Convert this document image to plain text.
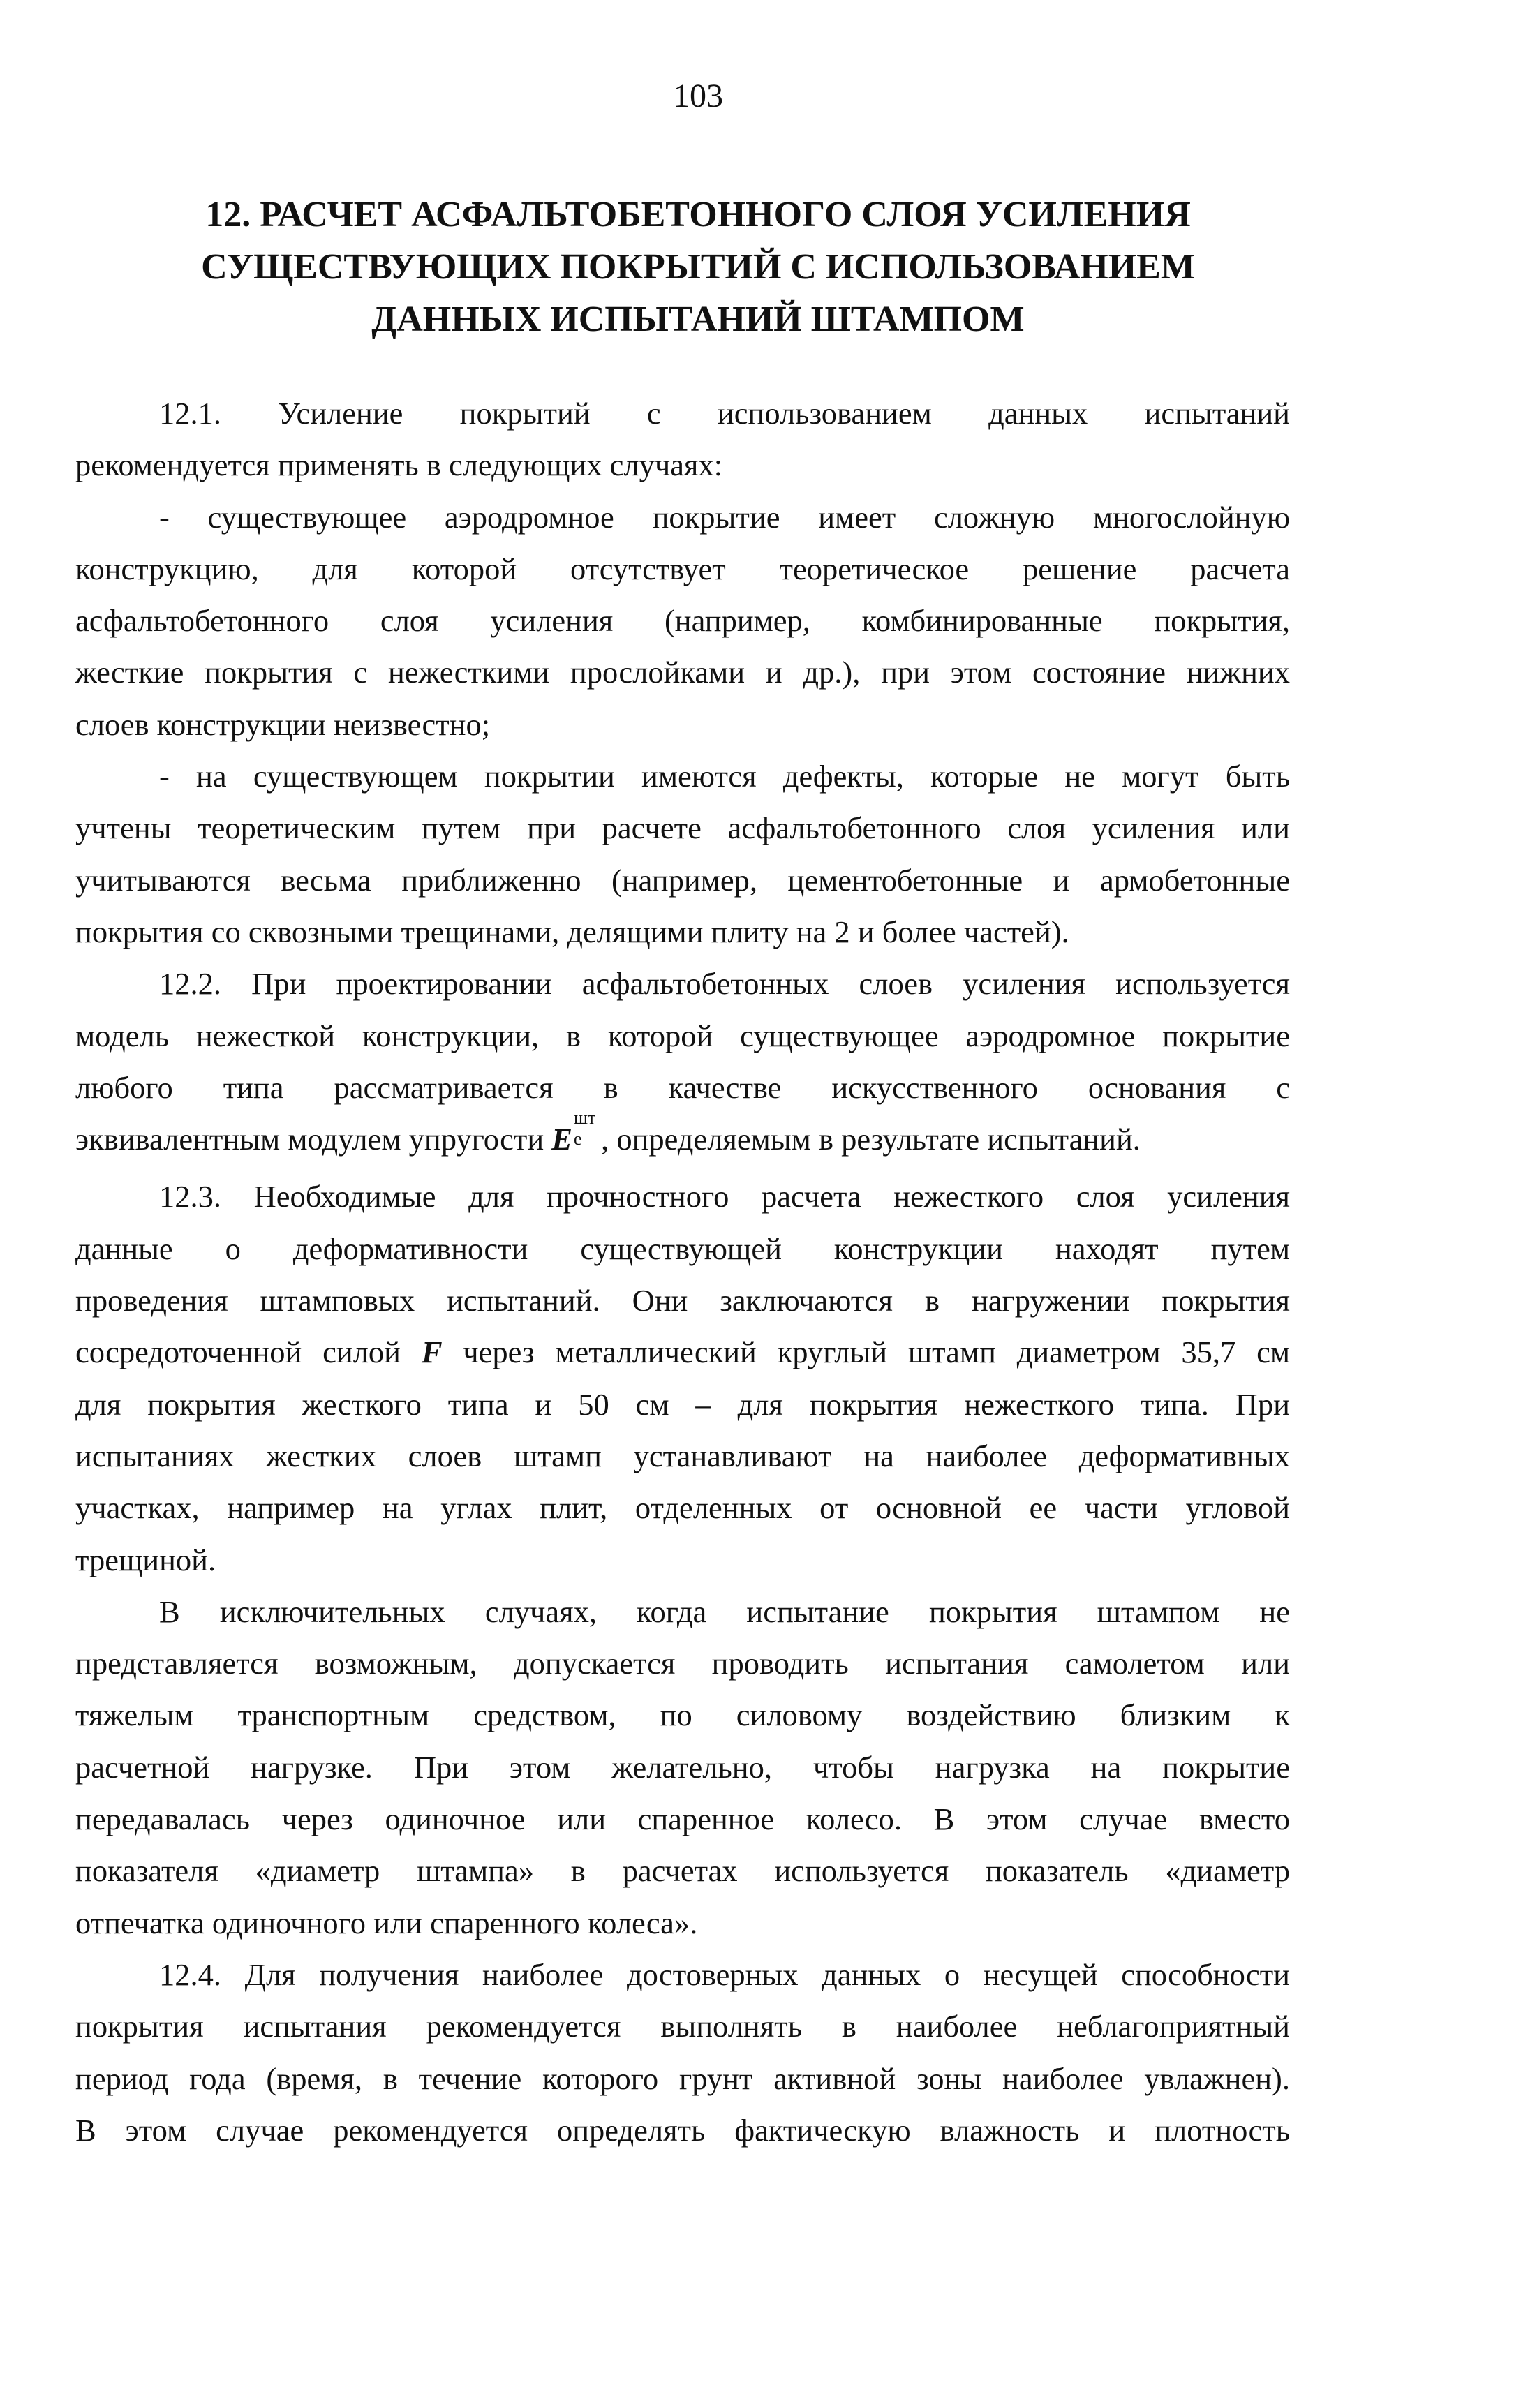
103
12. РАСЧЕТ АСФАЛЬТОБЕТОННОГО СЛОЯ УСИЛЕНИЯ
СУЩЕСТВУЮЩИХ ПОКРЫТИЙ С ИСПОЛЬЗОВАНИЕМ
ДАННЫХ ИСПЫТАНИЙ ШТАМПОМ
12.1. Усиление покрытий с использованием данных испытаний
рекомендуется применять в следующих случаях:
- существующее аэродромное покрытие имеет сложную многослойную
конструкцию, для которой отсутствует теоретическое решение расчета
асфальтобетонного слоя усиления (например, комбинированные покрытия,
жесткие покрытия с нежесткими прослойками и др.), при этом состояние нижних
слоев конструкции неизвестно;
- на существующем покрытии имеются дефекты, которые не могут быть
учтены теоретическим путем при расчете асфальтобетонного слоя усиления или
учитываются весьма приближенно (например, цементобетонные и армобетонные
покрытия со сквозными трещинами, делящими плиту на 2 и более частей).
12.2. При проектировании асфальтобетонных слоев усиления используется
модель нежесткой конструкции, в которой существующее аэродромное покрытие
любого типа рассматривается в качестве искусственного основания с
эквивалентным модулем упругости E
шт
e , определяемым в результате испытаний.
12.3. Необходимые для прочностного расчета нежесткого слоя усиления
данные о деформативности существующей конструкции находят путем
проведения штамповых испытаний. Они заключаются в нагружении покрытия
сосредоточенной силой F через металлический круглый штамп диаметром 35,7 см
для покрытия жесткого типа и 50 см – для покрытия нежесткого типа. При
испытаниях жестких слоев штамп устанавливают на наиболее деформативных
участках, например на углах плит, отделенных от основной ее части угловой
трещиной.
В исключительных случаях, когда испытание покрытия штампом не
представляется возможным, допускается проводить испытания самолетом или
тяжелым транспортным средством, по силовому воздействию близким к
расчетной нагрузке. При этом желательно, чтобы нагрузка на покрытие
передавалась через одиночное или спаренное колесо. В этом случае вместо
показателя «диаметр штампа» в расчетах используется показатель «диаметр
отпечатка одиночного или спаренного колеса».
12.4. Для получения наиболее достоверных данных о несущей способности
покрытия испытания рекомендуется выполнять в наиболее неблагоприятный
период года (время, в течение которого грунт активной зоны наиболее увлажнен).
В этом случае рекомендуется определять фактическую влажность и плотность
